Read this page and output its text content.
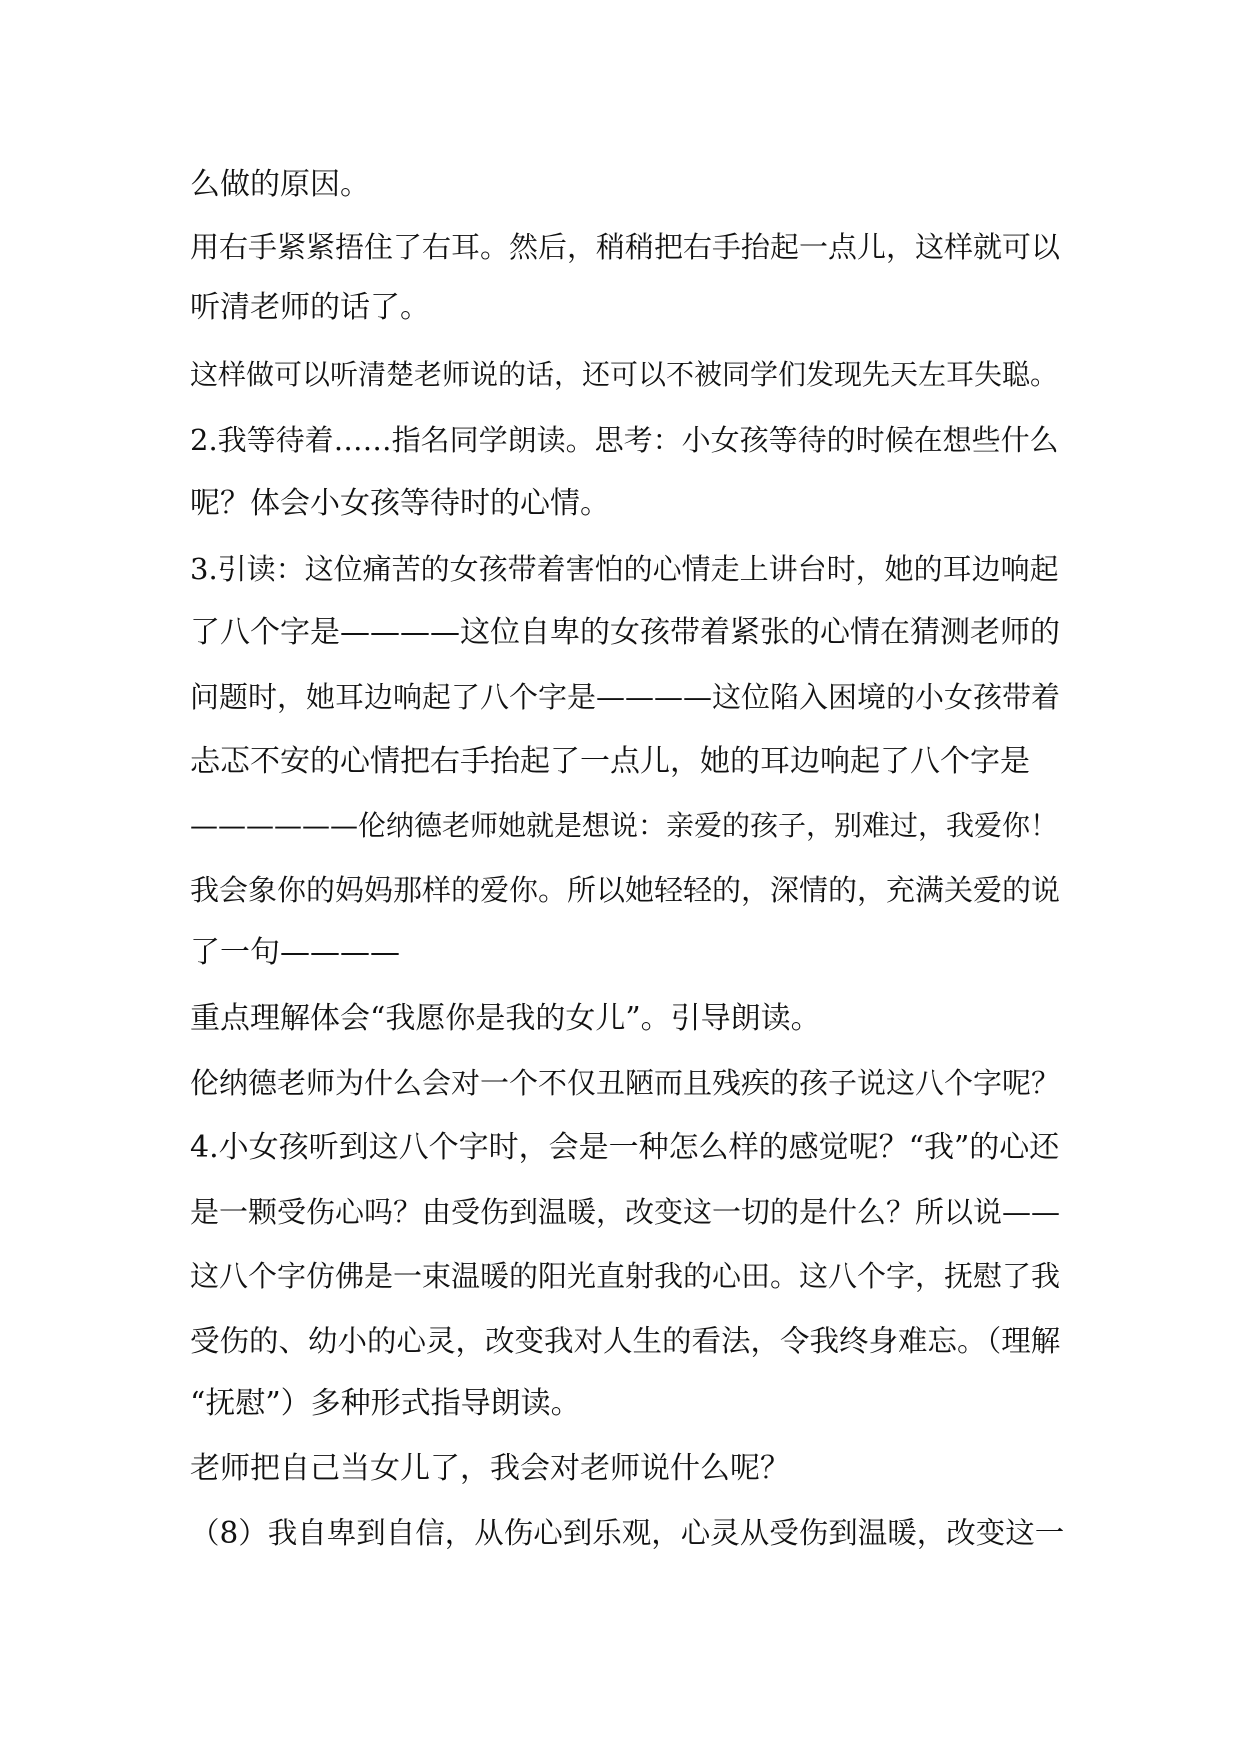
么做的原因。
用右手紧紧捂住了右耳。然后，稍稍把右手抬起一点儿，这样就可以
听清老师的话了。
这样做可以听清楚老师说的话，还可以不被同学们发现先天左耳失聪。
2.我等待着……指名同学朗读。思考：小女孩等待的时候在想些什么
呢？体会小女孩等待时的心情。
3.引读：这位痛苦的女孩带着害怕的心情走上讲台时，她的耳边响起
了八个字是————这位自卑的女孩带着紧张的心情在猜测老师的
问题时，她耳边响起了八个字是————这位陷入困境的小女孩带着
忐忑不安的心情把右手抬起了一点儿，她的耳边响起了八个字是
——————伦纳德老师她就是想说：亲爱的孩子，别难过，我爱你！
我会象你的妈妈那样的爱你。所以她轻轻的，深情的，充满关爱的说
了一句————
重点理解体会“我愿你是我的女儿”。引导朗读。
伦纳德老师为什么会对一个不仅丑陋而且残疾的孩子说这八个字呢？
4.小女孩听到这八个字时，会是一种怎么样的感觉呢？“我”的心还
是一颗受伤心吗？由受伤到温暖，改变这一切的是什么？所以说——
这八个字仿佛是一束温暖的阳光直射我的心田。这八个字，抚慰了我
受伤的、幼小的心灵，改变我对人生的看法，令我终身难忘。（理解
“抚慰”）多种形式指导朗读。
老师把自己当女儿了，我会对老师说什么呢？
（8）我自卑到自信，从伤心到乐观，心灵从受伤到温暖，改变这一
